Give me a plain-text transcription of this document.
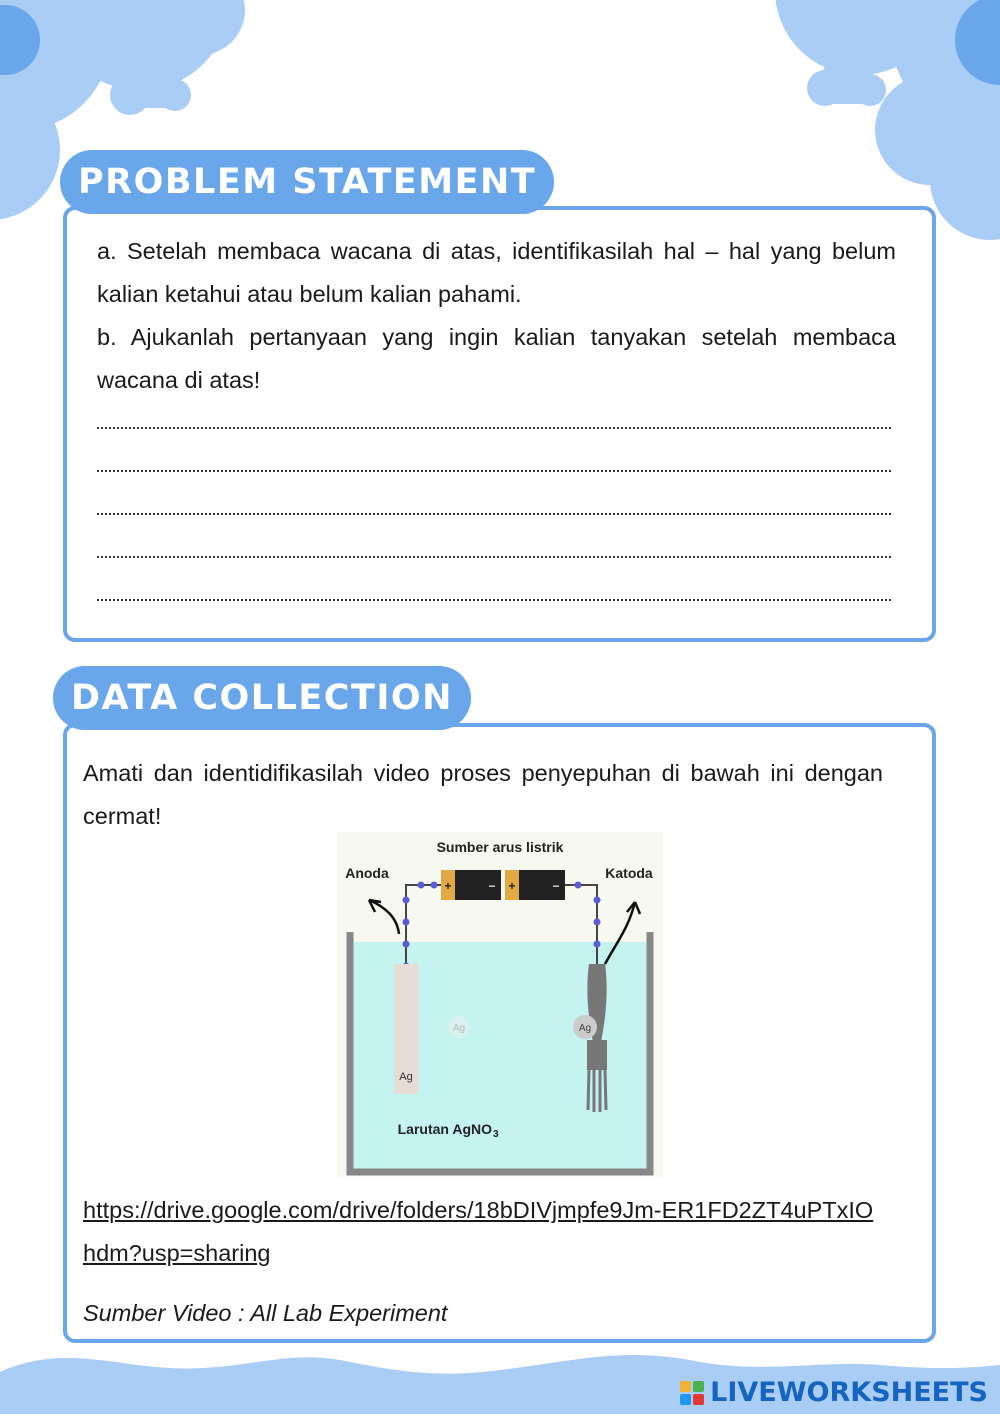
PROBLEM STATEMENT

a. Setelah membaca wacana di atas, identifikasilah hal – hal yang belum kalian ketahui atau belum kalian pahami.

b. Ajukanlah pertanyaan yang ingin kalian tanyakan setelah membaca wacana di atas!

DATA COLLECTION

Amati dan identidifikasilah video proses penyepuhan di bawah ini dengan cermat!

+	− +	−
Ag
Ag	Ag
Sumber arus listrik
Anoda	Katoda
Larutan AgNO 3
https://drive.google.com/drive/folders/18bDIVjmpfe9Jm-ER1FD2ZT4uPTxIOhdm?usp=sharing
Sumber Video : All Lab Experiment
LIVEWORKSHEETS
